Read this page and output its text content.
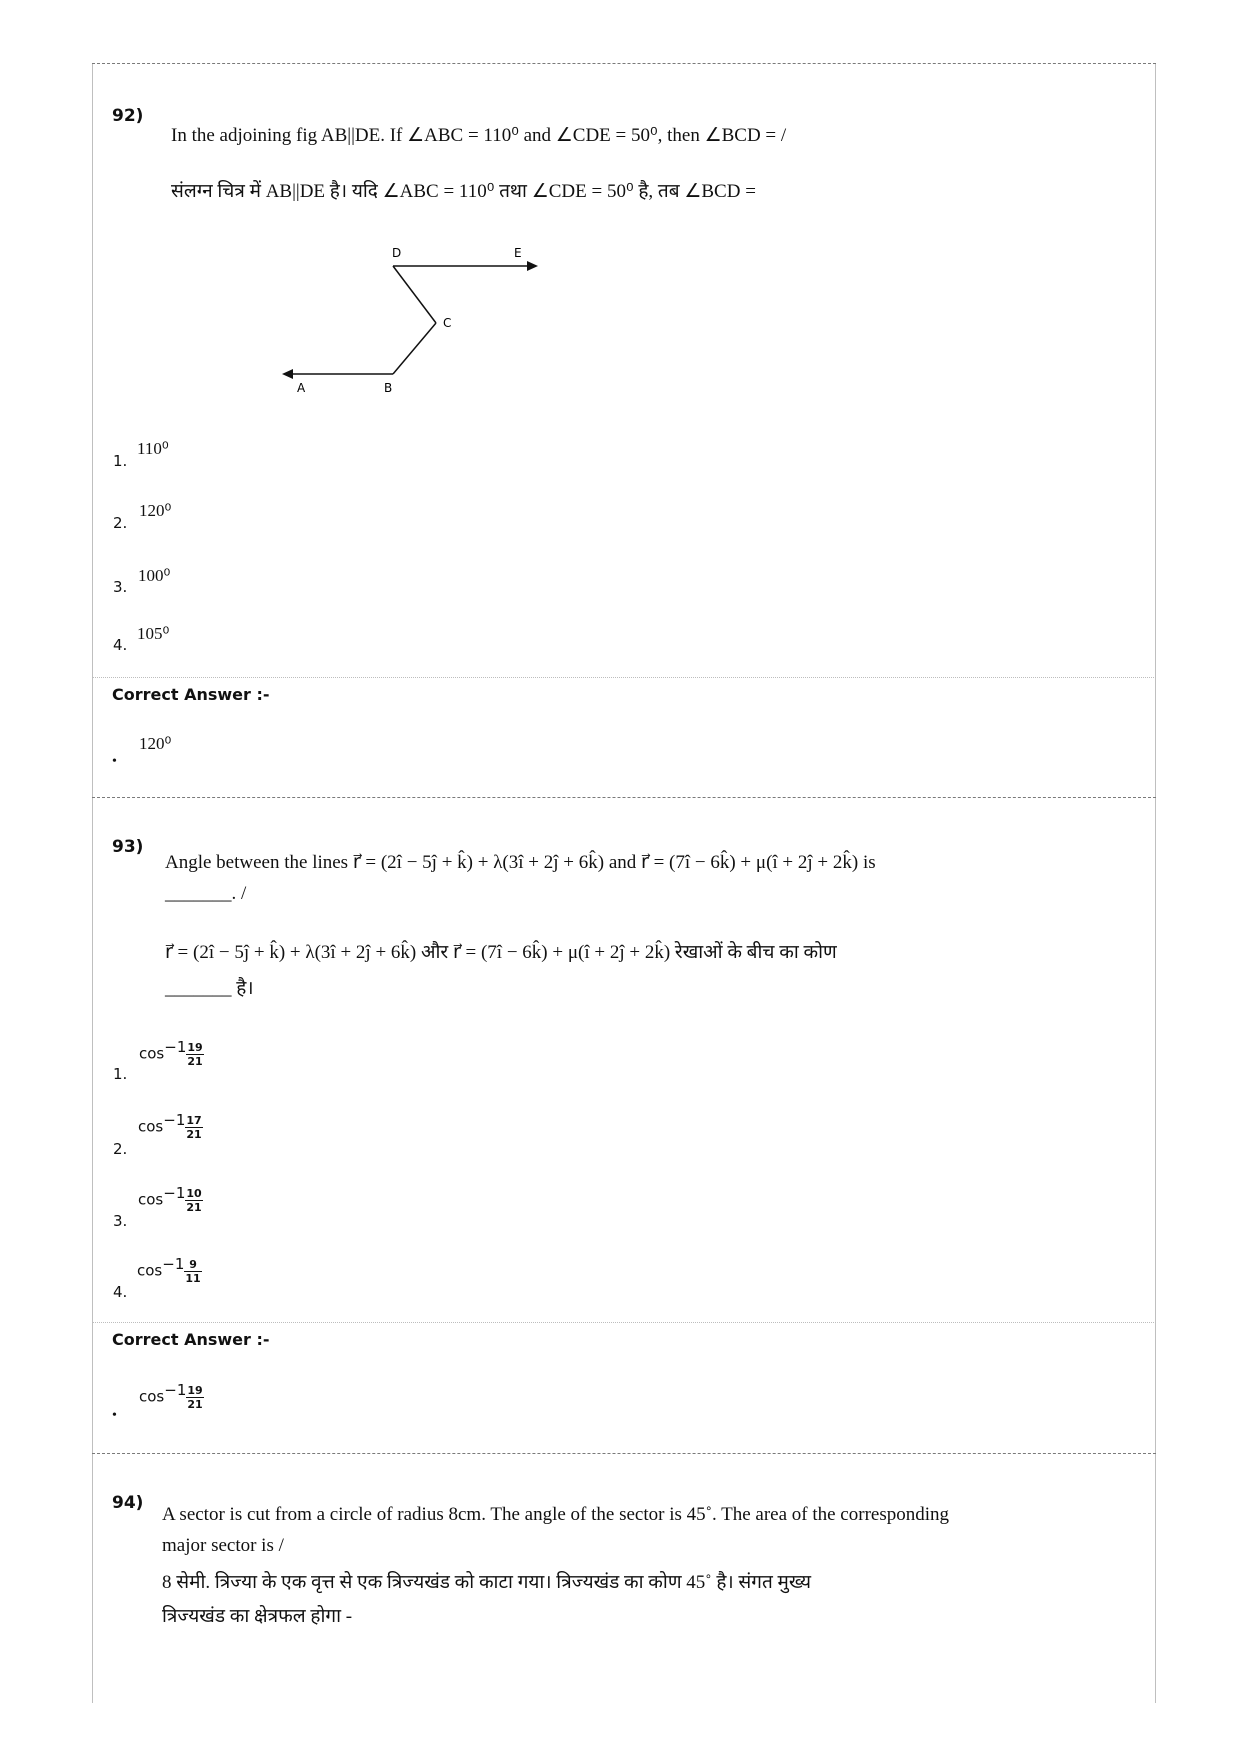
92)
In the adjoining fig AB||DE. If ∠ABC = 110⁰ and ∠CDE = 50⁰, then ∠BCD = /
संलग्न चित्र में AB||DE है। यदि ∠ABC = 110⁰ तथा ∠CDE = 50⁰ है, तब ∠BCD =
D	E
C
A	B
1.
110⁰
2.
120⁰
3.
100⁰
4.
105⁰
Correct Answer :-
•
120⁰
93)
Angle between the lines r⃗ = (2î − 5ĵ + k̂) + λ(3î + 2ĵ + 6k̂) and r⃗ = (7î − 6k̂) + μ(î + 2ĵ + 2k̂) is
_______. /
r⃗ = (2î − 5ĵ + k̂) + λ(3î + 2ĵ + 6k̂) और r⃗ = (7î − 6k̂) + μ(î + 2ĵ + 2k̂) रेखाओं के बीच का कोण
_______ है।
1.
$\cos^{-1} \frac{19}{21}$
2.
$\cos^{-1} \frac{17}{21}$
3.
$\cos^{-1} \frac{10}{21}$
4.
$\cos^{-1} \frac{9}{11}$
Correct Answer :-
•
$\cos^{-1} \frac{19}{21}$
94)
A sector is cut from a circle of radius 8cm. The angle of the sector is 45˚. The area of the corresponding
major sector is /
8 सेमी. त्रिज्या के एक वृत्त से एक त्रिज्यखंड को काटा गया। त्रिज्यखंड का कोण 45˚ है। संगत मुख्य
त्रिज्यखंड का क्षेत्रफल होगा -
